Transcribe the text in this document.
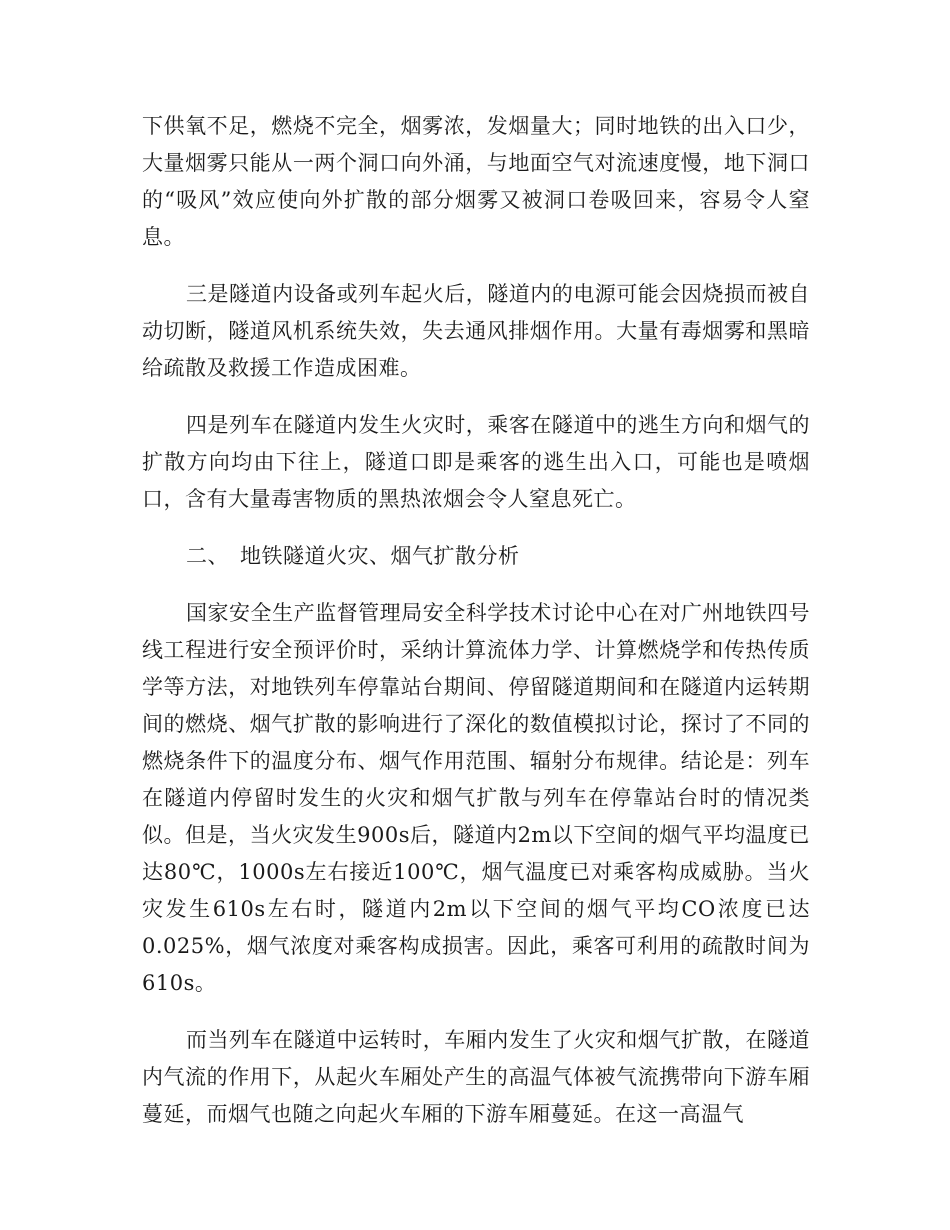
下供氧不足，燃烧不完全，烟雾浓，发烟量大；同时地铁的出入口少，大量烟雾只能从一两个洞口向外涌，与地面空气对流速度慢，地下洞口的“吸风”效应使向外扩散的部分烟雾又被洞口卷吸回来，容易令人窒息。

三是隧道内设备或列车起火后，隧道内的电源可能会因烧损而被自动切断，隧道风机系统失效，失去通风排烟作用。大量有毒烟雾和黑暗给疏散及救援工作造成困难。

四是列车在隧道内发生火灾时，乘客在隧道中的逃生方向和烟气的扩散方向均由下往上，隧道口即是乘客的逃生出入口，可能也是喷烟口，含有大量毒害物质的黑热浓烟会令人窒息死亡。

二、　地铁隧道火灾、烟气扩散分析

国家安全生产监督管理局安全科学技术讨论中心在对广州地铁四号线工程进行安全预评价时，采纳计算流体力学、计算燃烧学和传热传质学等方法，对地铁列车停靠站台期间、停留隧道期间和在隧道内运转期间的燃烧、烟气扩散的影响进行了深化的数值模拟讨论，探讨了不同的燃烧条件下的温度分布、烟气作用范围、辐射分布规律。结论是：列车在隧道内停留时发生的火灾和烟气扩散与列车在停靠站台时的情况类似。但是，当火灾发生900s后，隧道内2m以下空间的烟气平均温度已达80℃，1000s左右接近100℃，烟气温度已对乘客构成威胁。当火灾发生610s左右时，隧道内2m以下空间的烟气平均CO浓度已达0.025%，烟气浓度对乘客构成损害。因此，乘客可利用的疏散时间为610s。

而当列车在隧道中运转时，车厢内发生了火灾和烟气扩散，在隧道内气流的作用下，从起火车厢处产生的高温气体被气流携带向下游车厢蔓延，而烟气也随之向起火车厢的下游车厢蔓延。在这一高温气
